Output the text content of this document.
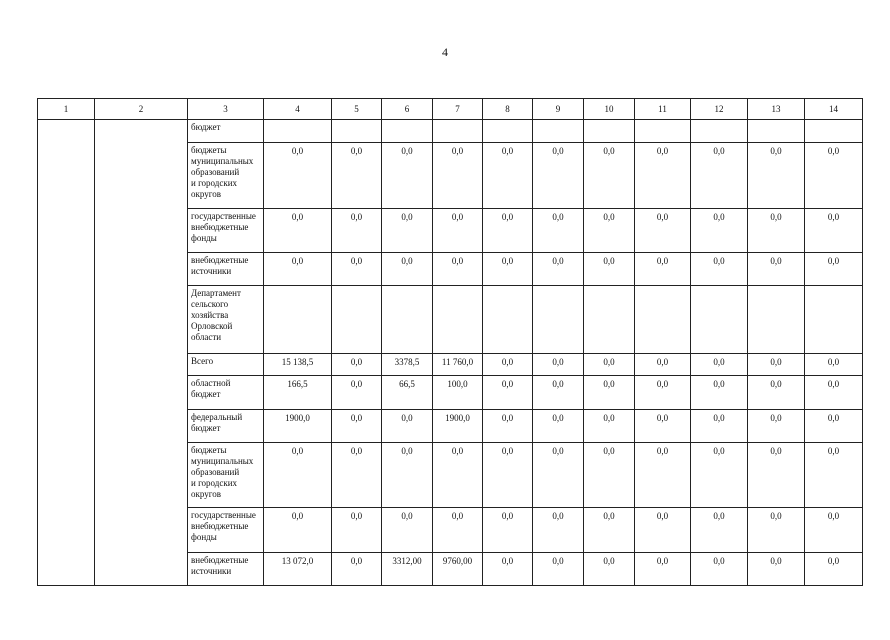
4
1	2	3	4	5	6	7	8	9	10	11	12	13	14
		бюджет											
		бюджеты
муниципальных
образований
и городских
округов	0,0	0,0	0,0	0,0	0,0	0,0	0,0	0,0	0,0	0,0	0,0
		государственные
внебюджетные
фонды	0,0	0,0	0,0	0,0	0,0	0,0	0,0	0,0	0,0	0,0	0,0
		внебюджетные
источники	0,0	0,0	0,0	0,0	0,0	0,0	0,0	0,0	0,0	0,0	0,0
		Департамент
сельского
хозяйства
Орловской
области											
		Всего	15 138,5	0,0	3378,5	11 760,0	0,0	0,0	0,0	0,0	0,0	0,0	0,0
		областной
бюджет	166,5	0,0	66,5	100,0	0,0	0,0	0,0	0,0	0,0	0,0	0,0
		федеральный
бюджет	1900,0	0,0	0,0	1900,0	0,0	0,0	0,0	0,0	0,0	0,0	0,0
		бюджеты
муниципальных
образований
и городских
округов	0,0	0,0	0,0	0,0	0,0	0,0	0,0	0,0	0,0	0,0	0,0
		государственные
внебюджетные
фонды	0,0	0,0	0,0	0,0	0,0	0,0	0,0	0,0	0,0	0,0	0,0
		внебюджетные
источники	13 072,0	0,0	3312,00	9760,00	0,0	0,0	0,0	0,0	0,0	0,0	0,0
